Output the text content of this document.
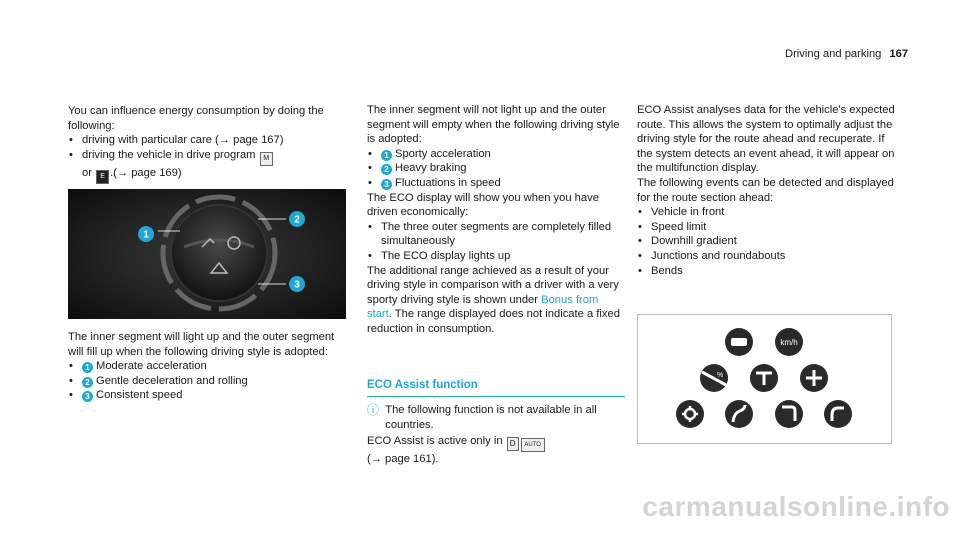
Driving and parking 167

You can influence energy consumption by doing the following:

• driving with particular care (→ page 167)
• driving the vehicle in drive program	M

or	E .(→ page 169)
1
2
3

The inner segment will light up and the outer segment will fill up when the following driving style is adopted:

• 1 Moderate acceleration
• 2 Gentle deceleration and rolling
• 3 Consistent speed

The inner segment will not light up and the outer segment will empty when the following driving style is adopted:

• 1 Sporty acceleration
• 2 Heavy braking
• 3 Fluctuations in speed

The ECO display will show you when you have driven economically:

• The three outer segments are completely filled simultaneously
• The ECO display lights up

The additional range achieved as a result of your driving style in comparison with a driver with a very sporty driving style is shown under Bonus from start. The range displayed does not indicate a fixed reduction in consumption.

ECO Assist function

ⓘ The following function is not available in all countries.

ECO Assist is active only in D	AUTO

(→ page 161).

ECO Assist analyses data for the vehicle's expected route. This allows the system to optimally adjust the driving style for the route ahead and recuperate. If the system detects an event ahead, it will appear on the multifunction display.

The following events can be detected and displayed for the route section ahead:

• Vehicle in front
• Speed limit
• Downhill gradient
• Junctions and roundabouts
• Bends
km/h
%
carmanualsonline.info
